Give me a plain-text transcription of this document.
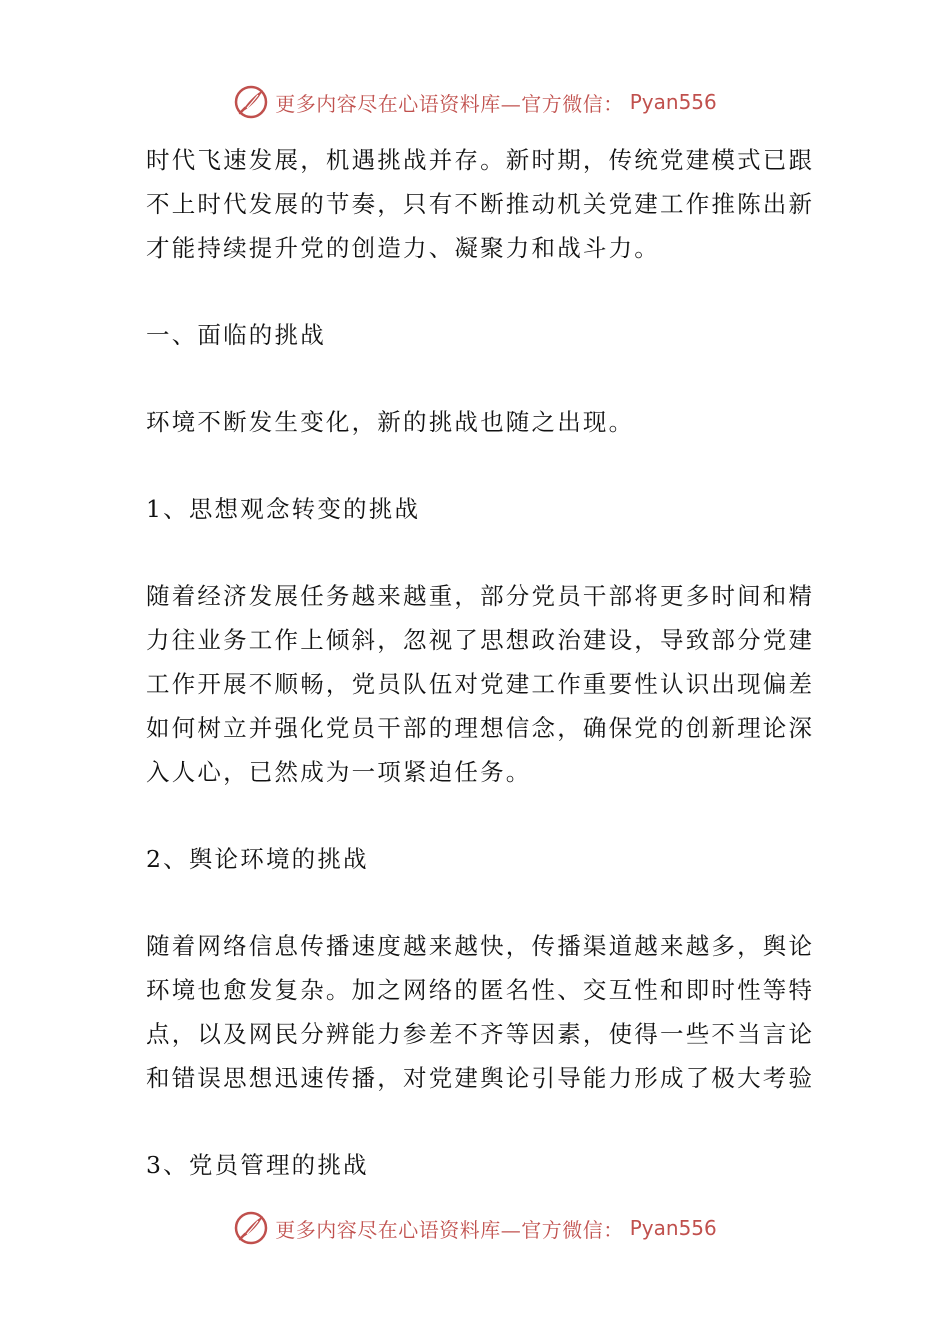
更多内容尽在心语资料库—官方微信： Pyan556
时代飞速发展，机遇挑战并存。新时期，传统党建模式已跟
不上时代发展的节奏，只有不断推动机关党建工作推陈出新
才能持续提升党的创造力、凝聚力和战斗力。
一、面临的挑战
环境不断发生变化，新的挑战也随之出现。
1、思想观念转变的挑战
随着经济发展任务越来越重，部分党员干部将更多时间和精
力往业务工作上倾斜，忽视了思想政治建设，导致部分党建
工作开展不顺畅，党员队伍对党建工作重要性认识出现偏差
如何树立并强化党员干部的理想信念，确保党的创新理论深
入人心，已然成为一项紧迫任务。
2、舆论环境的挑战
随着网络信息传播速度越来越快，传播渠道越来越多，舆论
环境也愈发复杂。加之网络的匿名性、交互性和即时性等特
点，以及网民分辨能力参差不齐等因素，使得一些不当言论
和错误思想迅速传播，对党建舆论引导能力形成了极大考验
3、党员管理的挑战
更多内容尽在心语资料库—官方微信： Pyan556
